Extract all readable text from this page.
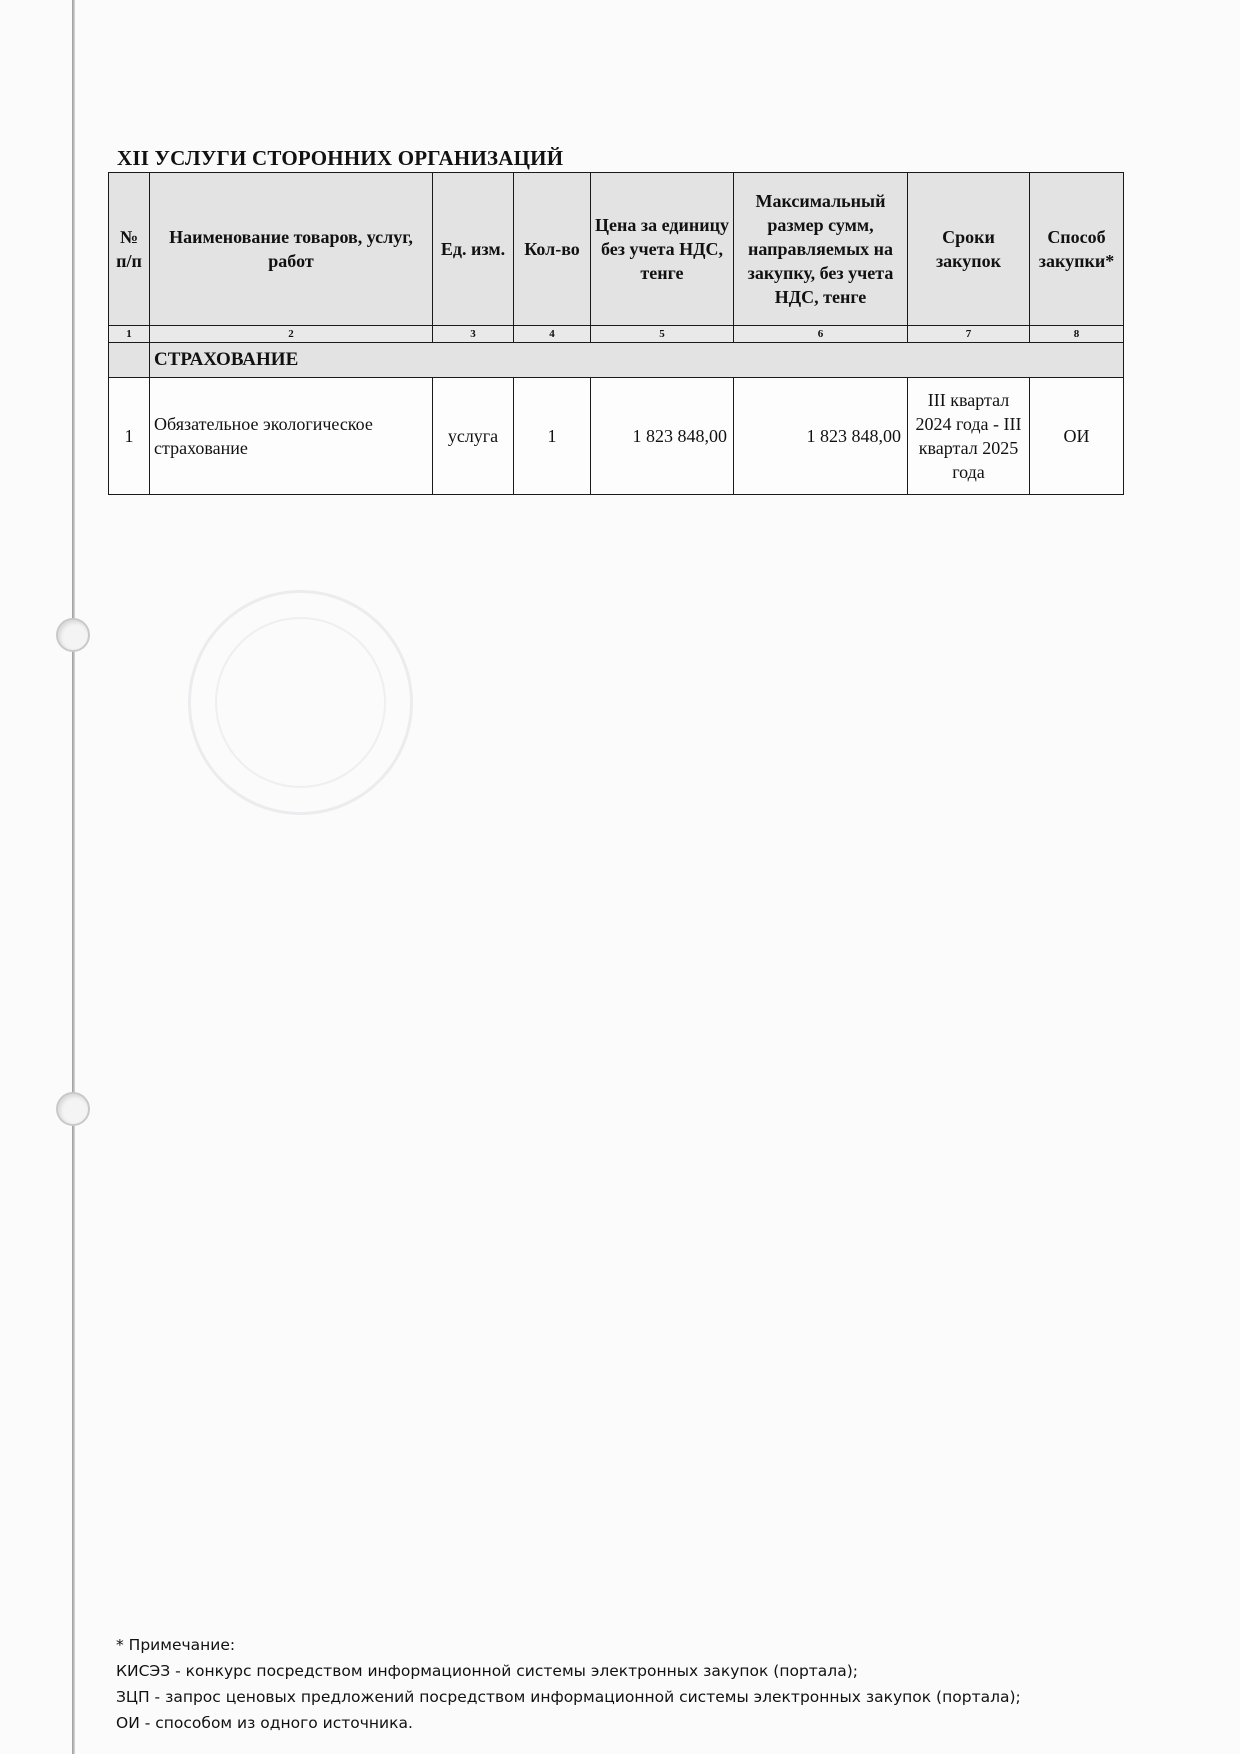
XII УСЛУГИ СТОРОННИХ ОРГАНИЗАЦИЙ
№ п/п	Наименование товаров, услуг, работ	Ед. изм.	Кол-во	Цена за единицу без учета НДС, тенге	Максимальный размер сумм, направляемых на закупку, без учета НДС, тенге	Сроки закупок	Способ закупки*
1	2	3	4	5	6	7	8
	СТРАХОВАНИЕ						
1	Обязательное экологическое страхование	услуга	1	1 823 848,00	1 823 848,00	III квартал 2024 года - III квартал 2025 года	ОИ
* Примечание:
КИСЭЗ - конкурс посредством информационной системы электронных закупок (портала);
ЗЦП - запрос ценовых предложений посредством информационной системы электронных закупок (портала);
ОИ - способом из одного источника.
